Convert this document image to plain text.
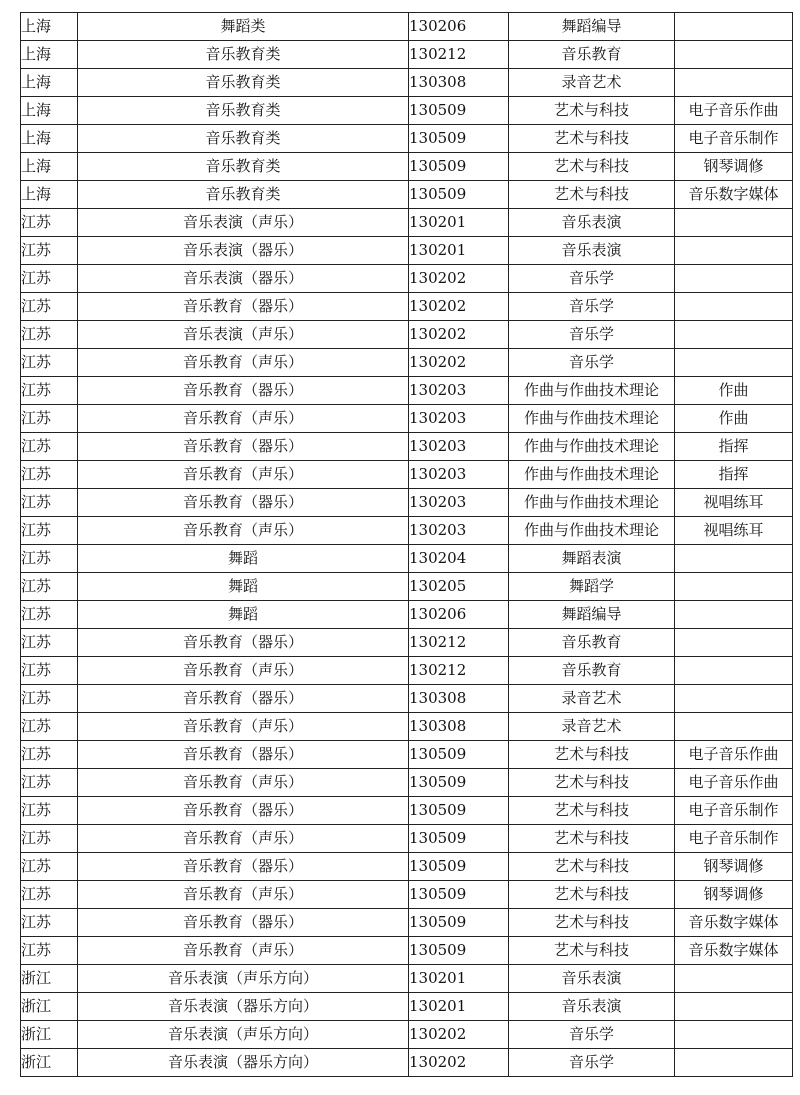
上海	舞蹈类	130206	舞蹈编导	
上海	音乐教育类	130212	音乐教育	
上海	音乐教育类	130308	录音艺术	
上海	音乐教育类	130509	艺术与科技	电子音乐作曲
上海	音乐教育类	130509	艺术与科技	电子音乐制作
上海	音乐教育类	130509	艺术与科技	钢琴调修
上海	音乐教育类	130509	艺术与科技	音乐数字媒体
江苏	音乐表演（声乐）	130201	音乐表演	
江苏	音乐表演（器乐）	130201	音乐表演	
江苏	音乐表演（器乐）	130202	音乐学	
江苏	音乐教育（器乐）	130202	音乐学	
江苏	音乐表演（声乐）	130202	音乐学	
江苏	音乐教育（声乐）	130202	音乐学	
江苏	音乐教育（器乐）	130203	作曲与作曲技术理论	作曲
江苏	音乐教育（声乐）	130203	作曲与作曲技术理论	作曲
江苏	音乐教育（器乐）	130203	作曲与作曲技术理论	指挥
江苏	音乐教育（声乐）	130203	作曲与作曲技术理论	指挥
江苏	音乐教育（器乐）	130203	作曲与作曲技术理论	视唱练耳
江苏	音乐教育（声乐）	130203	作曲与作曲技术理论	视唱练耳
江苏	舞蹈	130204	舞蹈表演	
江苏	舞蹈	130205	舞蹈学	
江苏	舞蹈	130206	舞蹈编导	
江苏	音乐教育（器乐）	130212	音乐教育	
江苏	音乐教育（声乐）	130212	音乐教育	
江苏	音乐教育（器乐）	130308	录音艺术	
江苏	音乐教育（声乐）	130308	录音艺术	
江苏	音乐教育（器乐）	130509	艺术与科技	电子音乐作曲
江苏	音乐教育（声乐）	130509	艺术与科技	电子音乐作曲
江苏	音乐教育（器乐）	130509	艺术与科技	电子音乐制作
江苏	音乐教育（声乐）	130509	艺术与科技	电子音乐制作
江苏	音乐教育（器乐）	130509	艺术与科技	钢琴调修
江苏	音乐教育（声乐）	130509	艺术与科技	钢琴调修
江苏	音乐教育（器乐）	130509	艺术与科技	音乐数字媒体
江苏	音乐教育（声乐）	130509	艺术与科技	音乐数字媒体
浙江	音乐表演（声乐方向）	130201	音乐表演	
浙江	音乐表演（器乐方向）	130201	音乐表演	
浙江	音乐表演（声乐方向）	130202	音乐学	
浙江	音乐表演（器乐方向）	130202	音乐学	
